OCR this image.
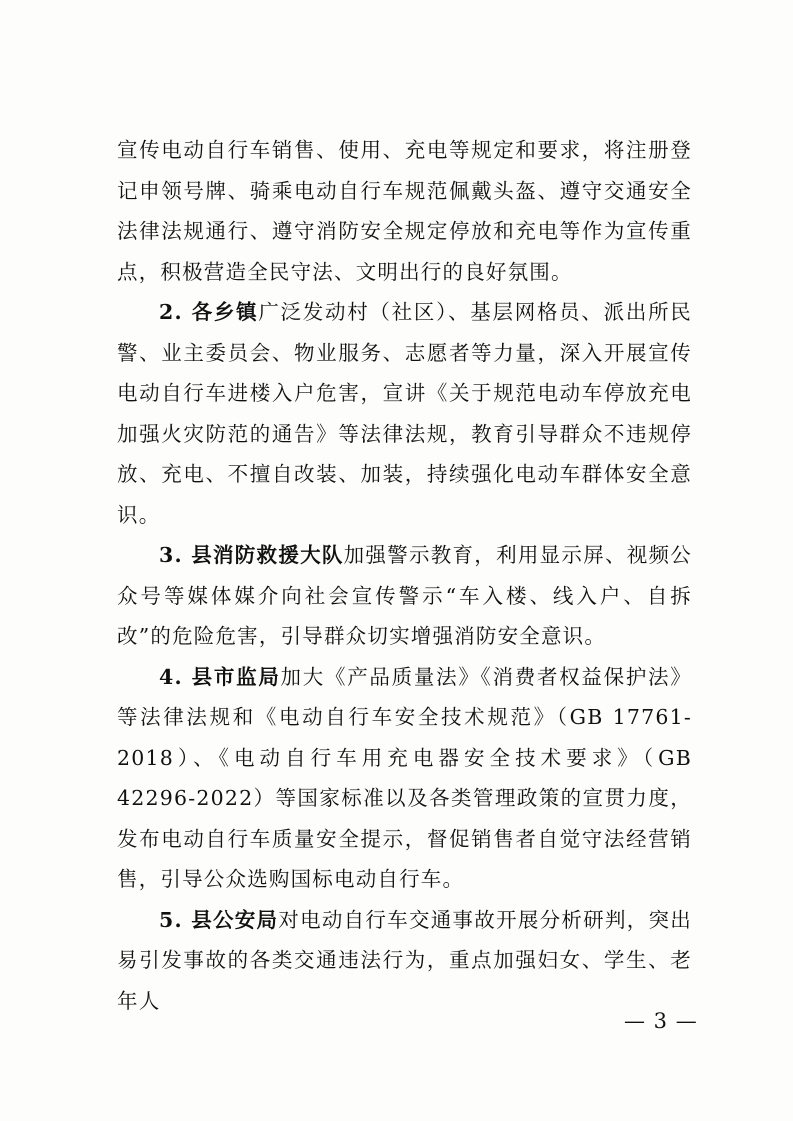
宣传电动自行车销售、使用、充电等规定和要求，将注册登记申领号牌、骑乘电动自行车规范佩戴头盔、遵守交通安全法律法规通行、遵守消防安全规定停放和充电等作为宣传重点，积极营造全民守法、文明出行的良好氛围。

2. 各乡镇广泛发动村（社区）、基层网格员、派出所民警、业主委员会、物业服务、志愿者等力量，深入开展宣传电动自行车进楼入户危害，宣讲《关于规范电动车停放充电加强火灾防范的通告》等法律法规，教育引导群众不违规停放、充电、不擅自改装、加装，持续强化电动车群体安全意识。

3. 县消防救援大队加强警示教育，利用显示屏、视频公众号等媒体媒介向社会宣传警示“车入楼、线入户、自拆改”的危险危害，引导群众切实增强消防安全意识。

4. 县市监局加大《产品质量法》《消费者权益保护法》等法律法规和《电动自行车安全技术规范》（GB 17761-2018）、《电动自行车用充电器安全技术要求》（GB 42296-2022）等国家标准以及各类管理政策的宣贯力度，发布电动自行车质量安全提示，督促销售者自觉守法经营销售，引导公众选购国标电动自行车。

5. 县公安局对电动自行车交通事故开展分析研判，突出易引发事故的各类交通违法行为，重点加强妇女、学生、老年人

— 3 —
